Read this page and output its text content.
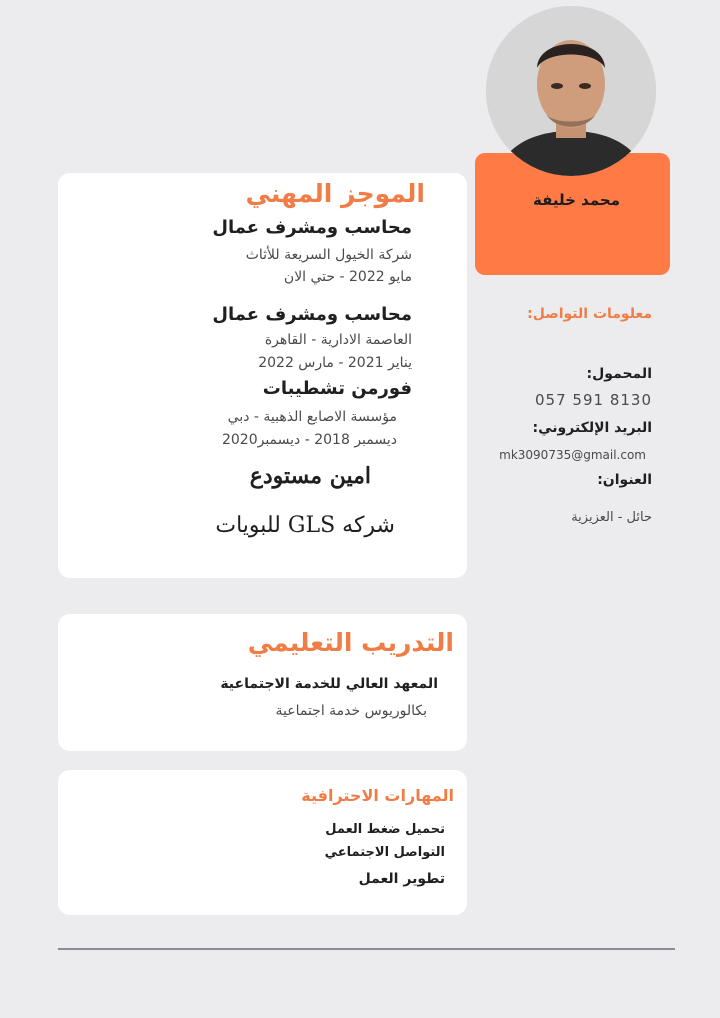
محمد خليفة
معلومات التواصل:
المحمول:
057 591 8130
البريد الإلكتروني:
mk3090735@gmail.com
العنوان:
حائل - العزيزية
الموجز المهني
محاسب ومشرف عمال
شركة الخيول السريعة للأثاث
مايو 2022 - حتي الان
محاسب ومشرف عمال
العاصمة الادارية - القاهرة
يناير 2021 - مارس 2022
فورمن تشطيبات
مؤسسة الاصابع الذهبية - دبي
ديسمبر 2018 - ديسمبر2020
امين مستودع
شركه GLS للبويات
التدريب التعليمي
المعهد العالي للخدمة الاجتماعية
بكالوريوس خدمة اجتماعية
المهارات الاحترافية
تحميل ضغط العمل
التواصل الاجتماعي
تطوير العمل
